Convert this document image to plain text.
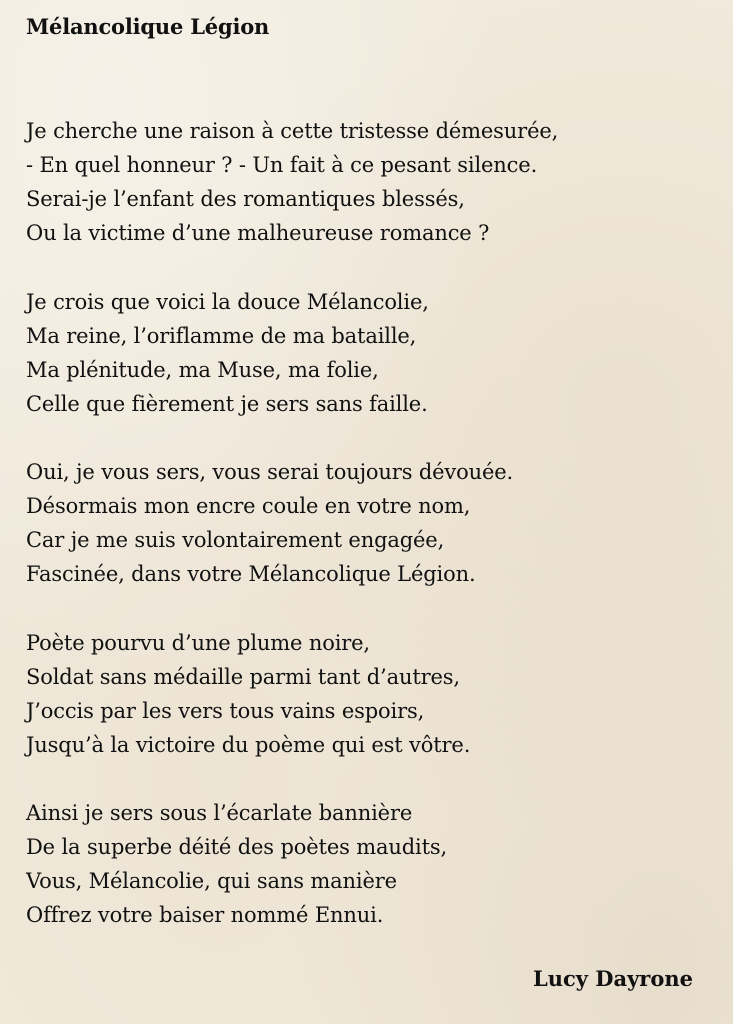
Mélancolique Légion
Je cherche une raison à cette tristesse démesurée,
- En quel honneur ? - Un fait à ce pesant silence.
Serai-je l’enfant des romantiques blessés,
Ou la victime d’une malheureuse romance ?
Je crois que voici la douce Mélancolie,
Ma reine, l’oriflamme de ma bataille,
Ma plénitude, ma Muse, ma folie,
Celle que fièrement je sers sans faille.
Oui, je vous sers, vous serai toujours dévouée.
Désormais mon encre coule en votre nom,
Car je me suis volontairement engagée,
Fascinée, dans votre Mélancolique Légion.
Poète pourvu d’une plume noire,
Soldat sans médaille parmi tant d’autres,
J’occis par les vers tous vains espoirs,
Jusqu’à la victoire du poème qui est vôtre.
Ainsi je sers sous l’écarlate bannière
De la superbe déité des poètes maudits,
Vous, Mélancolie, qui sans manière
Offrez votre baiser nommé Ennui.
Lucy Dayrone
